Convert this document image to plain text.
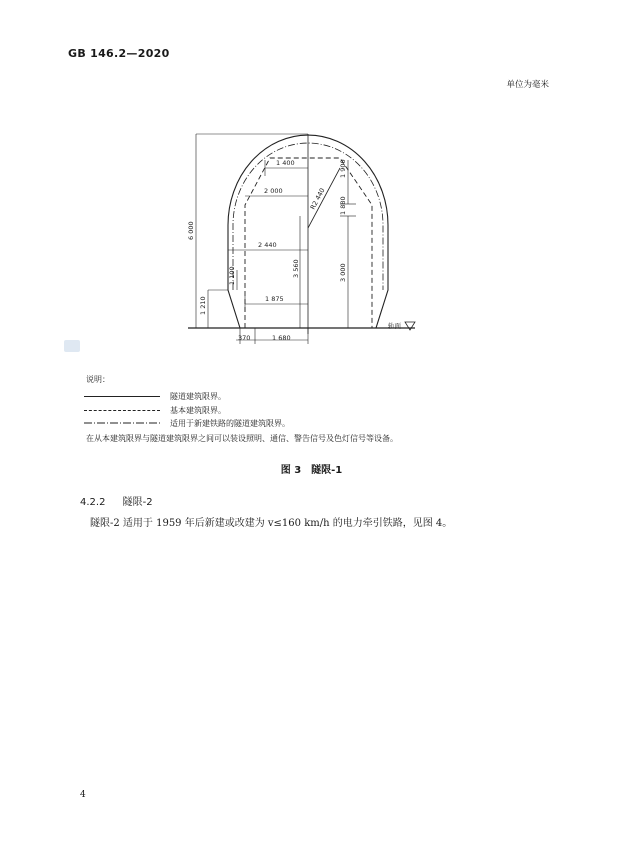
GB 146.2—2020
单位为毫米
1 400
2 000
2 440
1 875
1 680
370
6 000
1 210
1 100	3 560
1 900
1 880
3 000
R2 440
轨面
说明：
隧道建筑限界。
基本建筑限界。
适用于新建铁路的隧道建筑限界。
在从本建筑限界与隧道建筑限界之间可以装设照明、通信、警告信号及色灯信号等设备。
图 3　隧限-1
4.2.2 隧限-2
隧限-2 适用于 1959 年后新建或改建为 v≤160 km/h 的电力牵引铁路，见图 4。
4
